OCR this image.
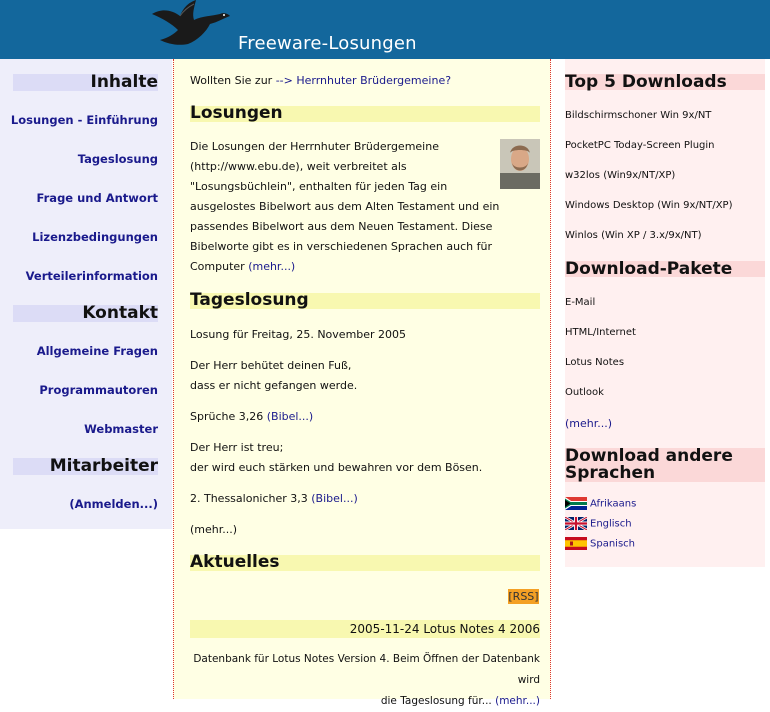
Freeware-Losungen
Inhalte
Losungen - Einführung
Tageslosung
Frage und Antwort
Lizenzbedingungen
Verteilerinformation
Kontakt
Allgemeine Fragen
Programmautoren
Webmaster
Mitarbeiter
(Anmelden...)
Wollten Sie zur --> Herrnhuter Brüdergemeine?
Losungen
Die Losungen der Herrnhuter Brüdergemeine
(http://www.ebu.de), weit verbreitet als
"Losungsbüchlein", enthalten für jeden Tag ein
ausgelostes Bibelwort aus dem Alten Testament und ein
passendes Bibelwort aus dem Neuen Testament. Diese
Bibelworte gibt es in verschiedenen Sprachen auch für
Computer (mehr...)
Tageslosung
Losung für Freitag, 25. November 2005
Der Herr behütet deinen Fuß,
dass er nicht gefangen werde.
Sprüche 3,26 (Bibel...)
Der Herr ist treu;
der wird euch stärken und bewahren vor dem Bösen.
2. Thessalonicher 3,3 (Bibel...)
(mehr...)
Aktuelles
[RSS]
2005-11-24 Lotus Notes 4 2006
Datenbank für Lotus Notes Version 4. Beim Öffnen der Datenbank wird
die Tageslosung für... (mehr...)
Top 5 Downloads
Bildschirmschoner Win 9x/NT
PocketPC Today-Screen Plugin
w32los (Win9x/NT/XP)
Windows Desktop (Win 9x/NT/XP)
Winlos (Win XP / 3.x/9x/NT)
Download-Pakete
E-Mail
HTML/Internet
Lotus Notes
Outlook
(mehr...)
Download andere
Sprachen
Afrikaans
Englisch
Spanisch
